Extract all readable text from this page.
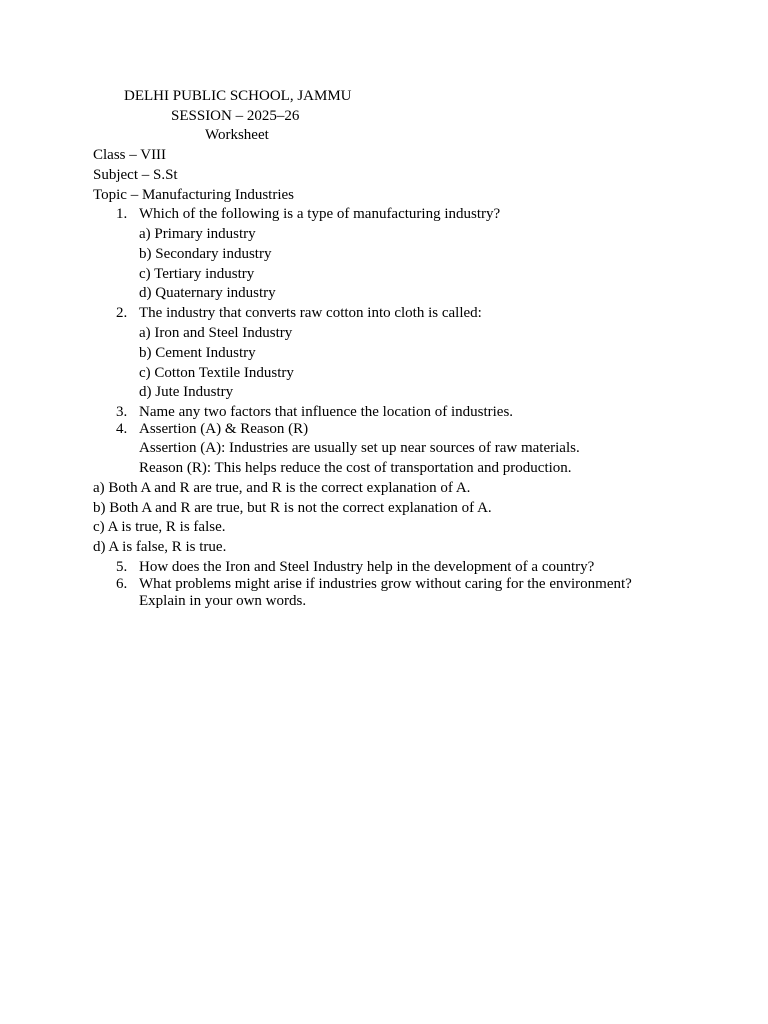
DELHI PUBLIC SCHOOL, JAMMU
SESSION – 2025–26
Worksheet
Class – VIII
Subject – S.St
Topic – Manufacturing Industries
1. Which of the following is a type of manufacturing industry?
a) Primary industry
b) Secondary industry
c) Tertiary industry
d) Quaternary industry
2. The industry that converts raw cotton into cloth is called:
a) Iron and Steel Industry
b) Cement Industry
c) Cotton Textile Industry
d) Jute Industry
3. Name any two factors that influence the location of industries.
4. Assertion (A) & Reason (R)
Assertion (A): Industries are usually set up near sources of raw materials.
Reason (R): This helps reduce the cost of transportation and production.
a) Both A and R are true, and R is the correct explanation of A.
b) Both A and R are true, but R is not the correct explanation of A.
c) A is true, R is false.
d) A is false, R is true.
5. How does the Iron and Steel Industry help in the development of a country?
6. What problems might arise if industries grow without caring for the environment?
Explain in your own words.
